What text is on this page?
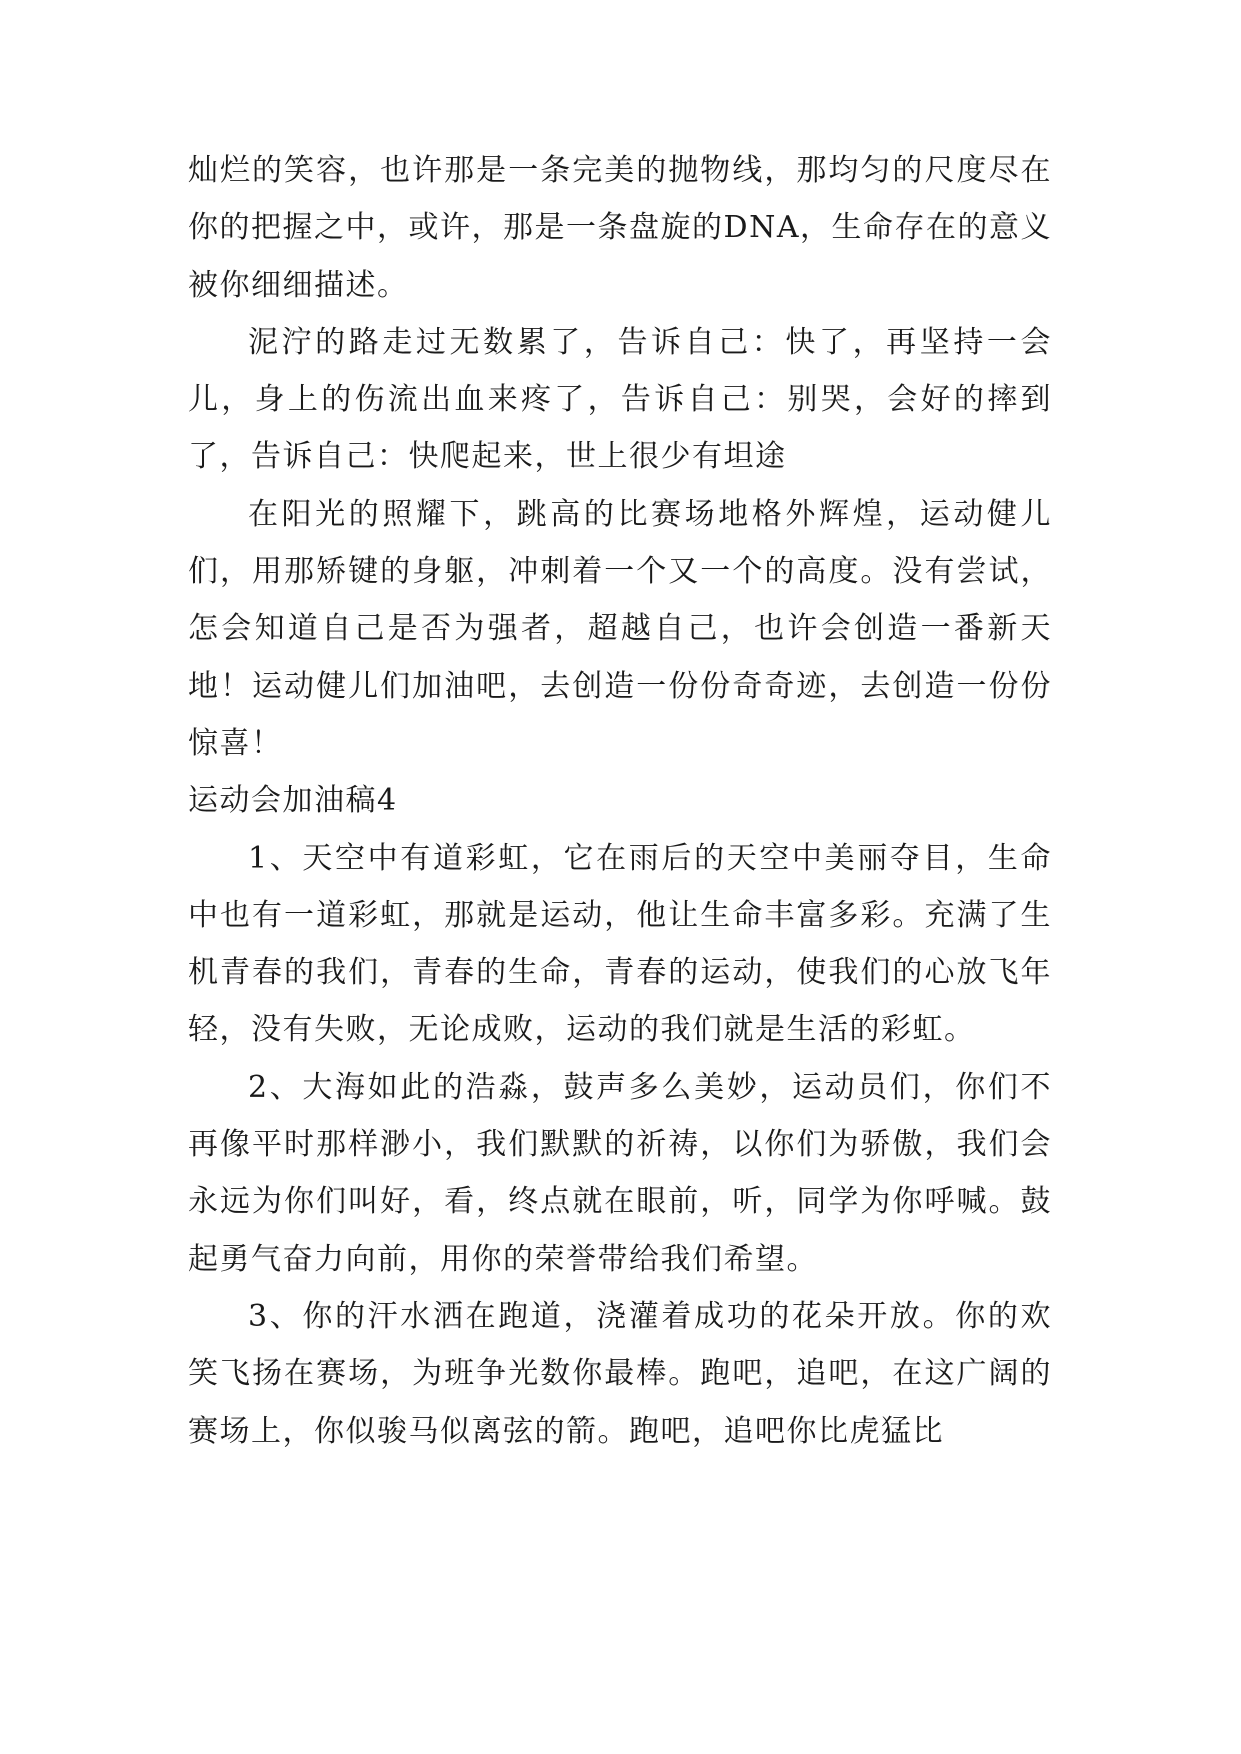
灿烂的笑容，也许那是一条完美的抛物线，那均匀的尺度尽在你的把握之中，或许，那是一条盘旋的DNA，生命存在的意义被你细细描述。

泥泞的路走过无数累了，告诉自己：快了，再坚持一会儿，身上的伤流出血来疼了，告诉自己：别哭，会好的摔到了，告诉自己：快爬起来，世上很少有坦途

在阳光的照耀下，跳高的比赛场地格外辉煌，运动健儿们，用那矫键的身躯，冲刺着一个又一个的高度。没有尝试，怎会知道自己是否为强者，超越自己，也许会创造一番新天地！运动健儿们加油吧，去创造一份份奇奇迹，去创造一份份惊喜！

运动会加油稿4

1、天空中有道彩虹，它在雨后的天空中美丽夺目，生命中也有一道彩虹，那就是运动，他让生命丰富多彩。充满了生机青春的我们，青春的生命，青春的运动，使我们的心放飞年轻，没有失败，无论成败，运动的我们就是生活的彩虹。

2、大海如此的浩淼，鼓声多么美妙，运动员们，你们不再像平时那样渺小，我们默默的祈祷，以你们为骄傲，我们会永远为你们叫好，看，终点就在眼前，听，同学为你呼喊。鼓起勇气奋力向前，用你的荣誉带给我们希望。

3、你的汗水洒在跑道，浇灌着成功的花朵开放。你的欢笑飞扬在赛场，为班争光数你最棒。跑吧，追吧，在这广阔的赛场上，你似骏马似离弦的箭。跑吧，追吧你比虎猛比
